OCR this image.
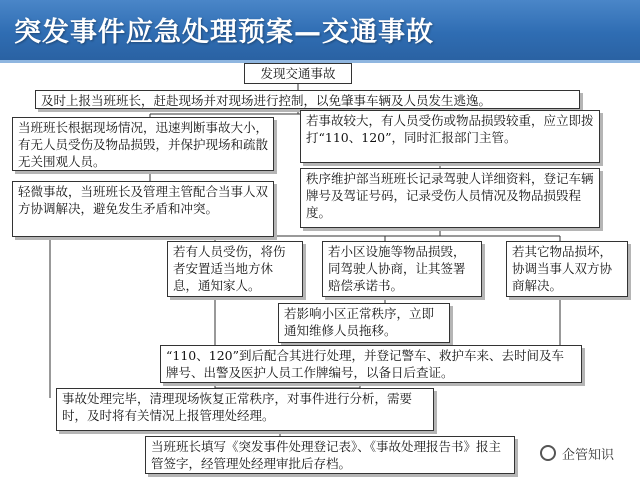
突发事件应急处理预案—交通事故
发现交通事故
及时上报当班班长，赶赴现场并对现场进行控制，以免肇事车辆及人员发生逃逸。
当班班长根据现场情况，迅速判断事故大小，有无人员受伤及物品损毁，并保护现场和疏散无关围观人员。
若事故较大，有人员受伤或物品损毁较重，应立即拨打“110、120”，同时汇报部门主管。
轻微事故，当班班长及管理主管配合当事人双方协调解决，避免发生矛盾和冲突。
秩序维护部当班班长记录驾驶人详细资料，登记车辆牌号及驾证号码，记录受伤人员情况及物品损毁程度。
若有人员受伤，将伤者安置适当地方休息，通知家人。
若小区设施等物品损毁，同驾驶人协商，让其签署赔偿承诺书。
若其它物品损坏，协调当事人双方协商解决。
若影响小区正常秩序，立即通知维修人员拖移。
“110、120”到后配合其进行处理，并登记警车、救护车来、去时间及车牌号、出警及医护人员工作牌编号，以备日后查证。
事故处理完毕，清理现场恢复正常秩序，对事件进行分析，需要时，及时将有关情况上报管理处经理。
当班班长填写《突发事件处理登记表》、《事故处理报告书》报主管签字，经管理处经理审批后存档。
企管知识
